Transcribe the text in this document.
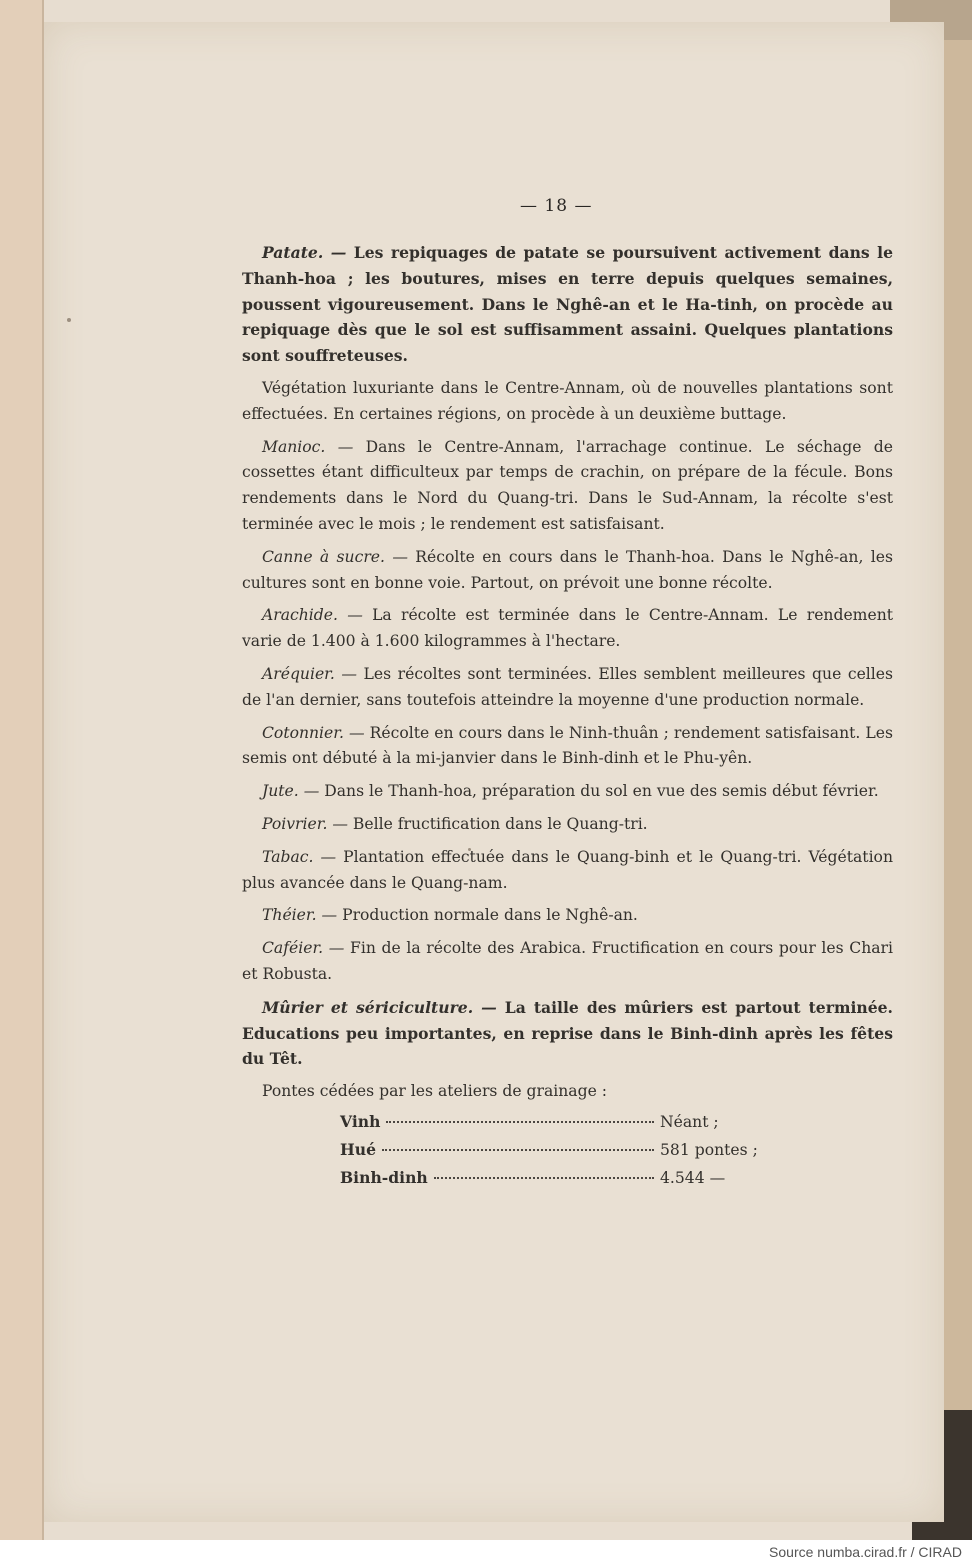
— 18 —

Patate. — Les repiquages de patate se poursuivent activement dans le Thanh-hoa ; les boutures, mises en terre depuis quelques semaines, poussent vigoureusement. Dans le Nghê-an et le Ha-tinh, on procède au repiquage dès que le sol est suffisamment assaini. Quelques plantations sont souffreteuses.

Végétation luxuriante dans le Centre-Annam, où de nouvelles plantations sont effectuées. En certaines régions, on procède à un deuxième buttage.

Manioc. — Dans le Centre-Annam, l'arrachage continue. Le séchage de cossettes étant difficulteux par temps de crachin, on prépare de la fécule. Bons rendements dans le Nord du Quang-tri. Dans le Sud-Annam, la récolte s'est terminée avec le mois ; le rendement est satisfaisant.

Canne à sucre. — Récolte en cours dans le Thanh-hoa. Dans le Nghê-an, les cultures sont en bonne voie. Partout, on prévoit une bonne récolte.

Arachide. — La récolte est terminée dans le Centre-Annam. Le rendement varie de 1.400 à 1.600 kilogrammes à l'hectare.

Aréquier. — Les récoltes sont terminées. Elles semblent meilleures que celles de l'an dernier, sans toutefois atteindre la moyenne d'une production normale.

Cotonnier. — Récolte en cours dans le Ninh-thuân ; rendement satisfaisant. Les semis ont débuté à la mi-janvier dans le Binh-dinh et le Phu-yên.

Jute. — Dans le Thanh-hoa, préparation du sol en vue des semis début février.

Poivrier. — Belle fructification dans le Quang-tri.

Tabac. — Plantation effectuée dans le Quang-binh et le Quang-tri. Végétation plus avancée dans le Quang-nam.

Théier. — Production normale dans le Nghê-an.

Caféier. — Fin de la récolte des Arabica. Fructification en cours pour les Chari et Robusta.

Mûrier et sériciculture. — La taille des mûriers est partout terminée. Educations peu importantes, en reprise dans le Binh-dinh après les fêtes du Têt.

Pontes cédées par les ateliers de grainage :

Vinh	Néant ;
Hué	581 pontes ;
Binh-dinh	4.544 —
Source numba.cirad.fr / CIRAD
